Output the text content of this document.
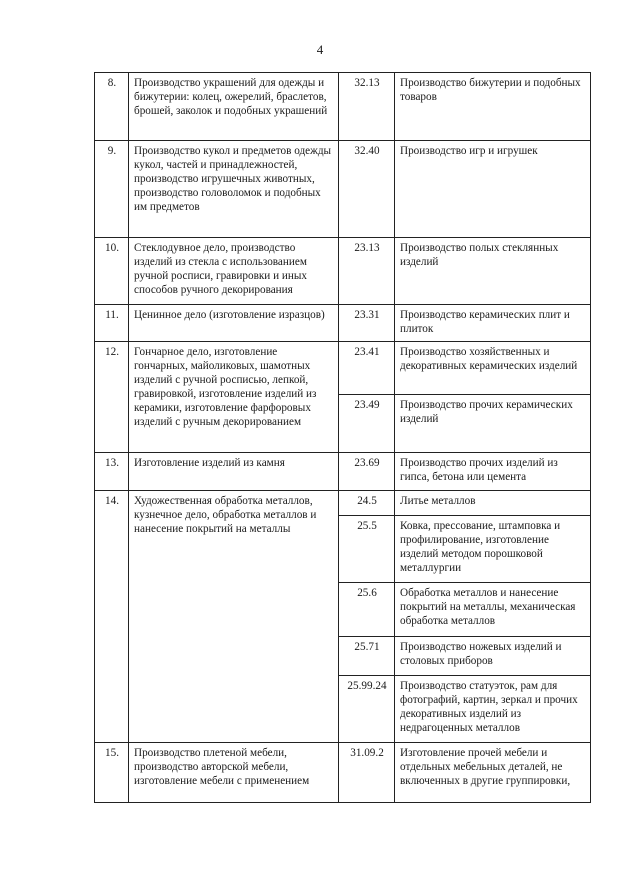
4
8.	Производство украшений для одежды и бижутерии: колец, ожерелий, браслетов, брошей, заколок и подобных украшений	32.13	Производство бижутерии и подобных товаров
9.	Производство кукол и предметов одежды кукол, частей и принадлежностей, производство игрушечных животных, производство головоломок и подобных им предметов	32.40	Производство игр и игрушек
10.	Стеклодувное дело, производство изделий из стекла с использованием ручной росписи, гравировки и иных способов ручного декорирования	23.13	Производство полых стеклянных изделий
11.	Ценинное дело (изготовление изразцов)	23.31	Производство керамических плит и плиток
12.	Гончарное дело, изготовление гончарных, майоликовых, шамотных изделий с ручной росписью, лепкой, гравировкой, изготовление изделий из керамики, изготовление фарфоровых изделий с ручным декорированием	23.41	Производство хозяйственных и декоративных керамических изделий
		23.49	Производство прочих керамических изделий
13.	Изготовление изделий из камня	23.69	Производство прочих изделий из гипса, бетона или цемента
14.	Художественная обработка металлов, кузнечное дело, обработка металлов и нанесение покрытий на металлы	24.5	Литье металлов
		25.5	Ковка, прессование, штамповка и профилирование, изготовление изделий методом порошковой металлургии
		25.6	Обработка металлов и нанесение покрытий на металлы, механическая обработка металлов
		25.71	Производство ножевых изделий и столовых приборов
		25.99.24	Производство статуэток, рам для фотографий, картин, зеркал и прочих декоративных изделий из недрагоценных металлов
15.	Производство плетеной мебели, производство авторской мебели, изготовление мебели с применением	31.09.2	Изготовление прочей мебели и отдельных мебельных деталей, не включенных в другие группировки,
